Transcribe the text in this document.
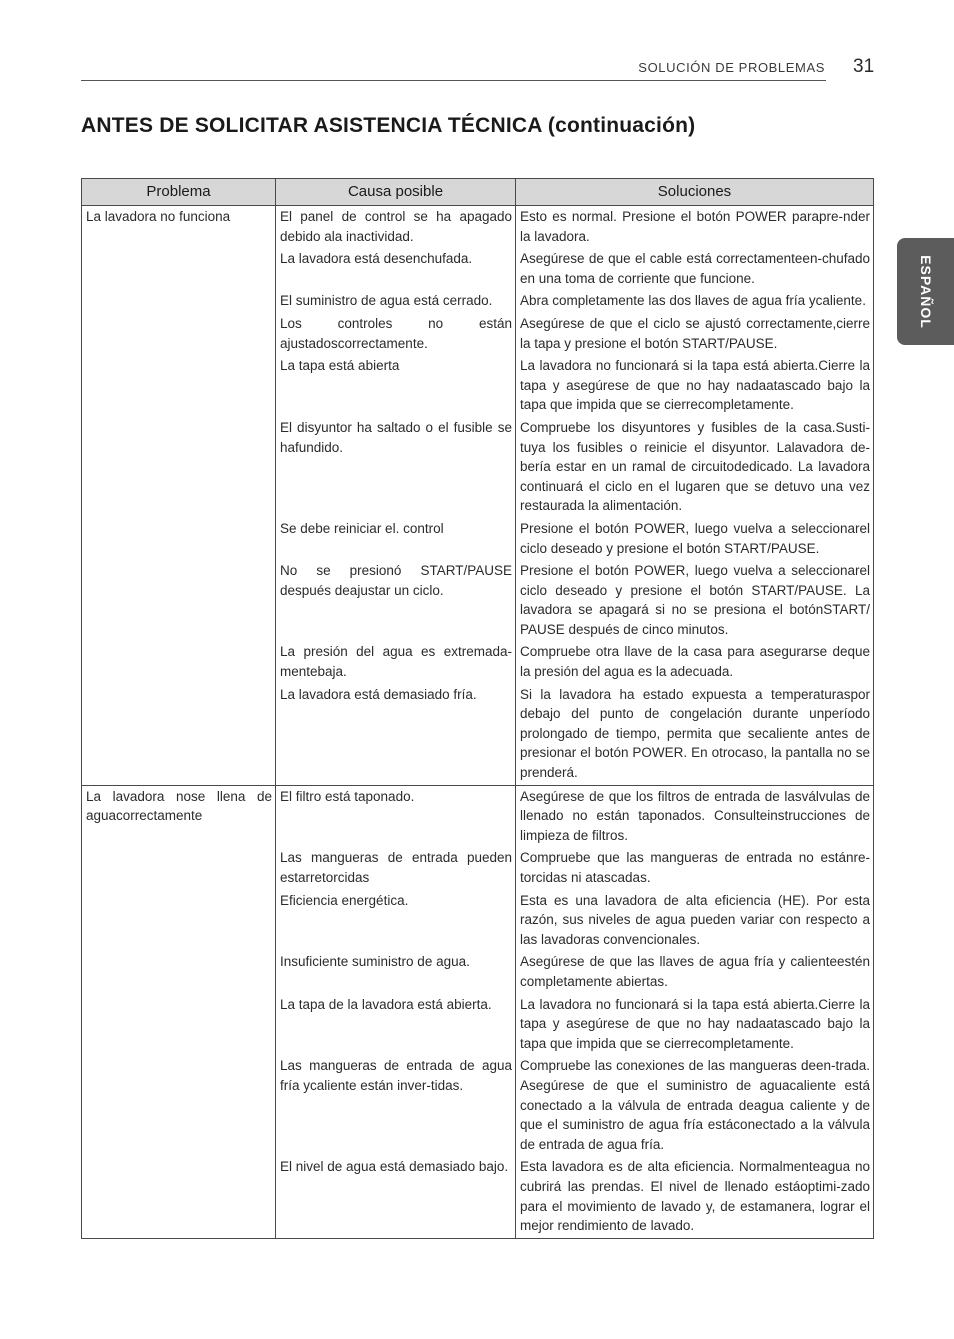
SOLUCIÓN DE PROBLEMAS 31
ANTES DE SOLICITAR ASISTENCIA TÉCNICA (continuación)
ESPAÑOL
Problema	Causa posible	Soluciones

La lavadora no funciona	El panel de control se ha apagado debido ala inactividad.	Esto es normal. Presione el botón POWER parapre-nder la lavadora.

	La lavadora está desenchufada.	Asegúrese de que el cable está correctamenteen-chufado en una toma de corriente que funcione.

	El suministro de agua está cerrado.	Abra completamente las dos llaves de agua fría ycaliente.

	Los controles no están ajustadoscorrectamente.	Asegúrese de que el ciclo se ajustó correctamente,cierre la tapa y presione el botón START/PAUSE.

	La tapa está abierta	La lavadora no funcionará si la tapa está abierta.Cierre la tapa y asegúrese de que no hay nadaatascado bajo la tapa que impida que se cierrecompletamente.

	El disyuntor ha saltado o el fusible se hafundido.	Compruebe los disyuntores y fusibles de la casa.Susti-tuya los fusibles o reinicie el disyuntor. Lalavadora de-bería estar en un ramal de circuitodedicado. La lavadora continuará el ciclo en el lugaren que se detuvo una vez restaurada la alimentación.

	Se debe reiniciar el. control	Presione el botón POWER, luego vuelva a seleccionarel ciclo deseado y presione el botón START/PAUSE.

	No se presionó START/PAUSE después deajustar un ciclo.	Presione el botón POWER, luego vuelva a seleccionarel ciclo deseado y presione el botón START/PAUSE. La lavadora se apagará si no se presiona el botónSTART/ PAUSE después de cinco minutos.

	La presión del agua es extremada-mentebaja.	Compruebe otra llave de la casa para asegurarse deque la presión del agua es la adecuada.

	La lavadora está demasiado fría.	Si la lavadora ha estado expuesta a temperaturaspor debajo del punto de congelación durante unperíodo prolongado de tiempo, permita que secaliente antes de presionar el botón POWER. En otrocaso, la pantalla no se prenderá.

La lavadora nose llena de aguacorrectamente	El filtro está taponado.	Asegúrese de que los filtros de entrada de lasválvulas de llenado no están taponados. Consulteinstrucciones de limpieza de filtros.

	Las mangueras de entrada pueden estarretorcidas	Compruebe que las mangueras de entrada no estánre-torcidas ni atascadas.

	Eficiencia energética.	Esta es una lavadora de alta eficiencia (HE). Por esta razón, sus niveles de agua pueden variar con respecto a las lavadoras convencionales.

	Insuficiente suministro de agua.	Asegúrese de que las llaves de agua fría y calienteestén completamente abiertas.

	La tapa de la lavadora está abierta.	La lavadora no funcionará si la tapa está abierta.Cierre la tapa y asegúrese de que no hay nadaatascado bajo la tapa que impida que se cierrecompletamente.

	Las mangueras de entrada de agua fría ycaliente están inver-tidas.	Compruebe las conexiones de las mangueras deen-trada. Asegúrese de que el suministro de aguacaliente está conectado a la válvula de entrada deagua caliente y de que el suministro de agua fría estáconectado a la válvula de entrada de agua fría.

	El nivel de agua está demasiado bajo.	Esta lavadora es de alta eficiencia. Normalmenteagua no cubrirá las prendas. El nivel de llenado estáoptimi-zado para el movimiento de lavado y, de estamanera, lograr el mejor rendimiento de lavado.
